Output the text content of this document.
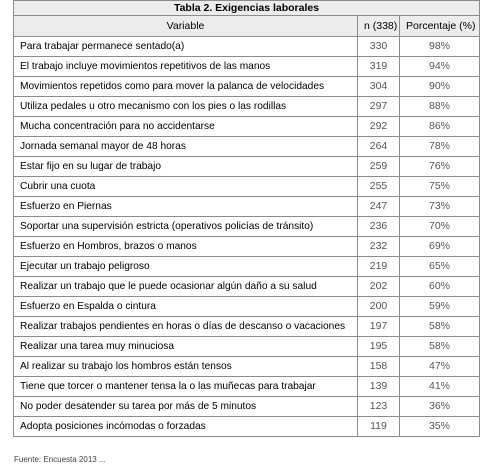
Tabla 2. Exigencias laborales		
Variable	n (338)	Porcentaje (%)
Para trabajar permanece sentado(a)	330	98%
El trabajo incluye movimientos repetitivos de las manos	319	94%
Movimientos repetidos como para mover la palanca de velocidades	304	90%
Utiliza pedales u otro mecanismo con los pies o las rodillas	297	88%
Mucha concentración para no accidentarse	292	86%
Jornada semanal mayor de 48 horas	264	78%
Estar fijo en su lugar de trabajo	259	76%
Cubrir una cuota	255	75%
Esfuerzo en Piernas	247	73%
Soportar una supervisión estricta (operativos policías de tránsito)	236	70%
Esfuerzo en Hombros, brazos o manos	232	69%
Ejecutar un trabajo peligroso	219	65%
Realizar un trabajo que le puede ocasionar algún daño a su salud	202	60%
Esfuerzo en Espalda o cintura	200	59%
Realizar trabajos pendientes en horas o días de descanso o vacaciones	197	58%
Realizar una tarea muy minuciosa	195	58%
Al realizar su trabajo los hombros están tensos	158	47%
Tiene que torcer o mantener tensa la o las muñecas para trabajar	139	41%
No poder desatender su tarea por más de 5 minutos	123	36%
Adopta posiciones incómodas o forzadas	119	35%
Fuente: Encuesta 2013 ...
